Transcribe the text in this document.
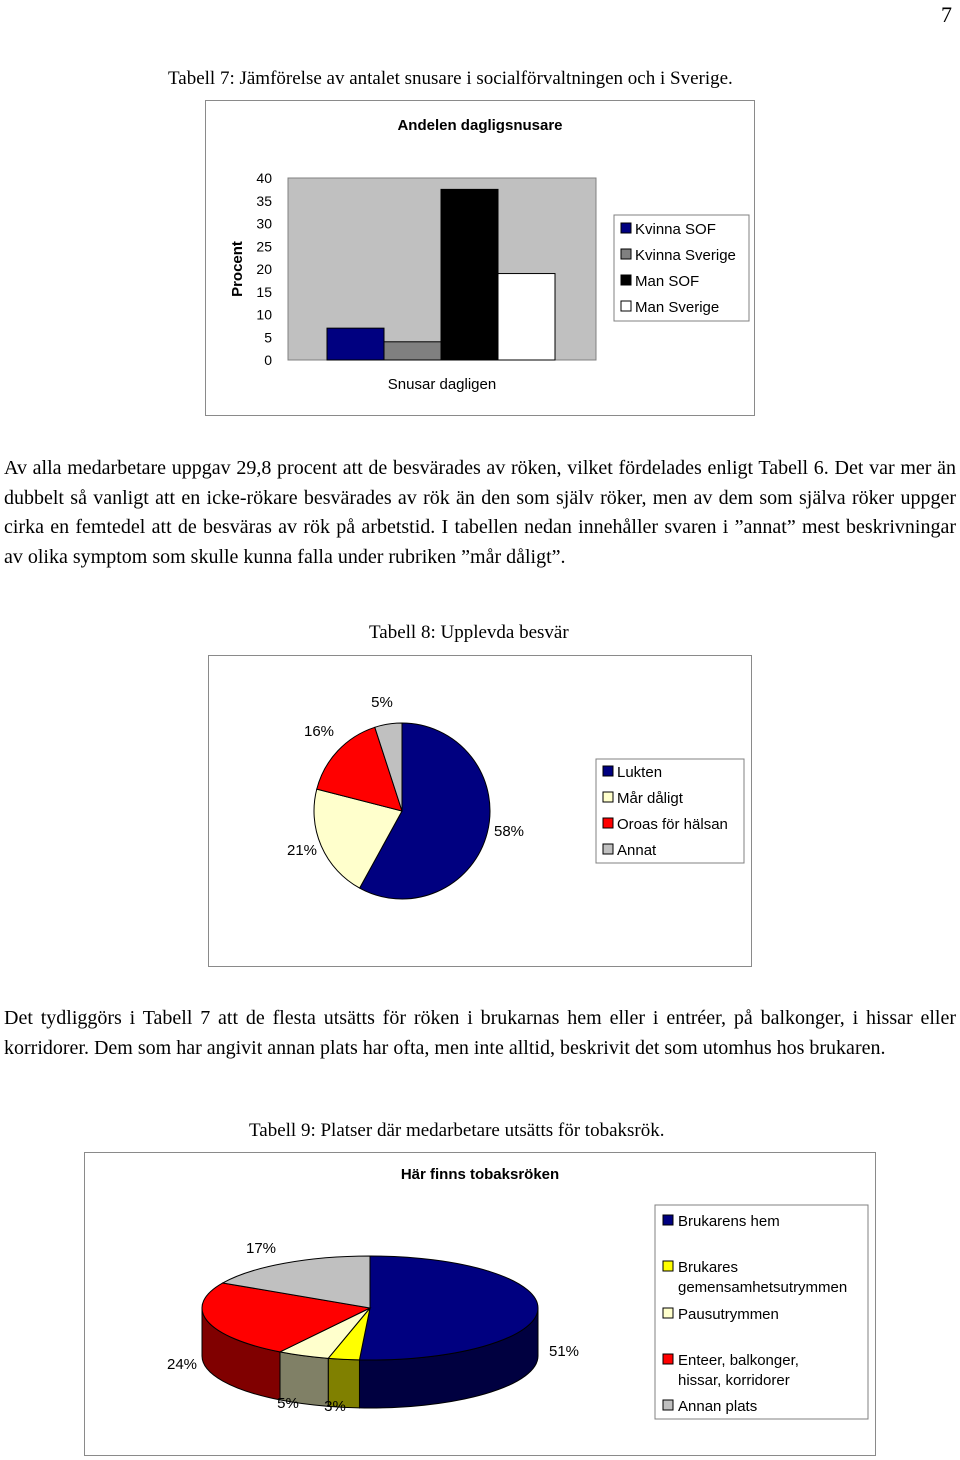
7
Tabell 7: Jämförelse av antalet snusare i socialförvaltningen och i Sverige.
Andelen dagligsnusare
40
35
30
25
20
15
10
5
0
Procent
Snusar dagligen
Kvinna SOF
Kvinna Sverige
Man SOF
Man Sverige

Av alla medarbetare uppgav 29,8 procent att de besvärades av röken, vilket fördelades enligt Tabell 6. Det var mer än dubbelt så vanligt att en icke-rökare besvärades av rök än den som själv röker, men av dem som själva röker uppger cirka en femtedel att de besväras av rök på arbetstid. I tabellen nedan innehåller svaren i ”annat” mest beskrivningar av olika symptom som skulle kunna falla under rubriken ”mår dåligt”.

Tabell 8: Upplevda besvär
58%
21%
16%
5%
Lukten
Mår dåligt
Oroas för hälsan
Annat

Det tydliggörs i Tabell 7 att de flesta utsätts för röken i brukarnas hem eller i entréer, på balkonger, i hissar eller korridorer. Dem som har angivit annan plats har ofta, men inte alltid, beskrivit det som utomhus hos brukaren.

Tabell 9: Platser där medarbetare utsätts för tobaksrök.
Här finns tobaksröken
51%
3%
5%
24%
17%
Brukarens hem
Brukares gemensamhetsutrymmen
Pausutrymmen
Enteer, balkonger, hissar, korridorer
Annan plats
